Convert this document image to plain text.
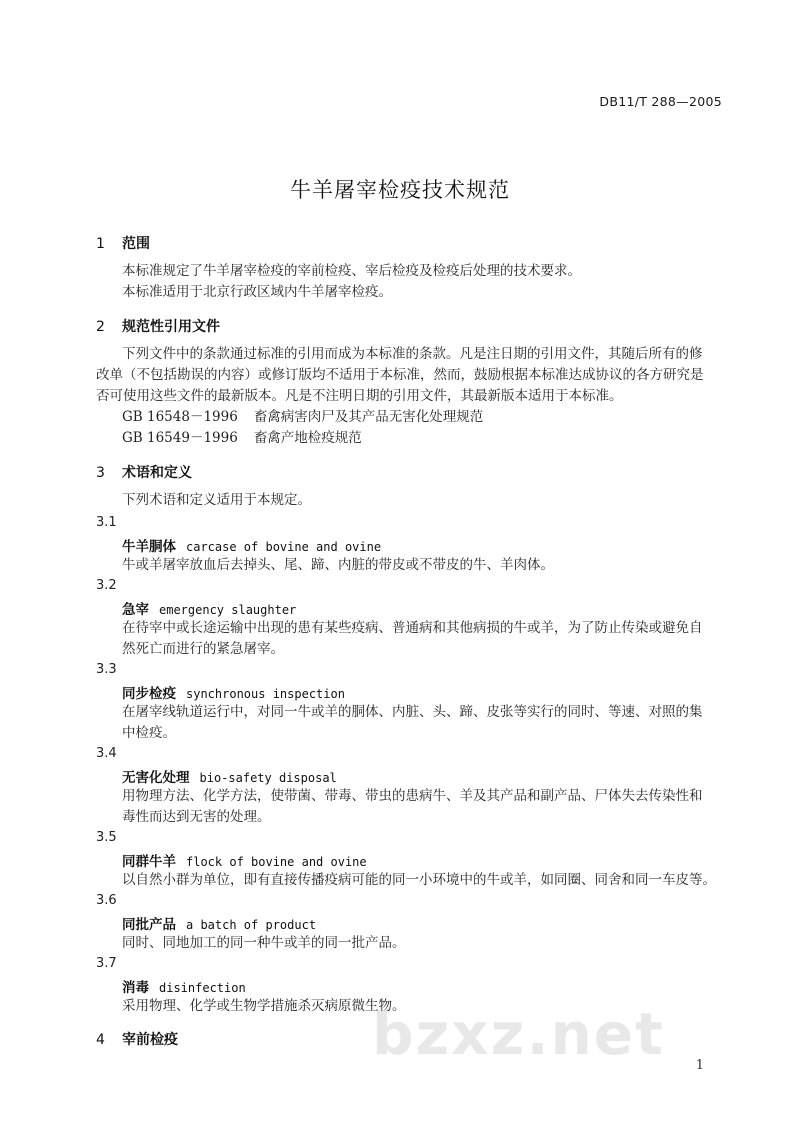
DB11/T 288—2005
牛羊屠宰检疫技术规范
1 范围
本标准规定了牛羊屠宰检疫的宰前检疫、宰后检疫及检疫后处理的技术要求。
本标准适用于北京行政区域内牛羊屠宰检疫。
2 规范性引用文件
下列文件中的条款通过标准的引用而成为本标准的条款。凡是注日期的引用文件，其随后所有的修
改单（不包括勘误的内容）或修订版均不适用于本标准，然而，鼓励根据本标准达成协议的各方研究是
否可使用这些文件的最新版本。凡是不注明日期的引用文件，其最新版本适用于本标准。
GB 16548－1996 畜禽病害肉尸及其产品无害化处理规范
GB 16549－1996 畜禽产地检疫规范
3 术语和定义
下列术语和定义适用于本规定。
3.1
牛羊胴体 carcase of bovine and ovine
牛或羊屠宰放血后去掉头、尾、蹄、内脏的带皮或不带皮的牛、羊肉体。
3.2
急宰 emergency slaughter
在待宰中或长途运输中出现的患有某些疫病、普通病和其他病损的牛或羊，为了防止传染或避免自
然死亡而进行的紧急屠宰。
3.3
同步检疫 synchronous inspection
在屠宰线轨道运行中，对同一牛或羊的胴体、内脏、头、蹄、皮张等实行的同时、等速、对照的集
中检疫。
3.4
无害化处理 bio-safety disposal
用物理方法、化学方法，使带菌、带毒、带虫的患病牛、羊及其产品和副产品、尸体失去传染性和
毒性而达到无害的处理。
3.5
同群牛羊 flock of bovine and ovine
以自然小群为单位，即有直接传播疫病可能的同一小环境中的牛或羊，如同圈、同舍和同一车皮等。
3.6
同批产品 a batch of product
同时、同地加工的同一种牛或羊的同一批产品。
3.7
消毒 disinfection
采用物理、化学或生物学措施杀灭病原微生物。
4 宰前检疫	bzxz.net 1
